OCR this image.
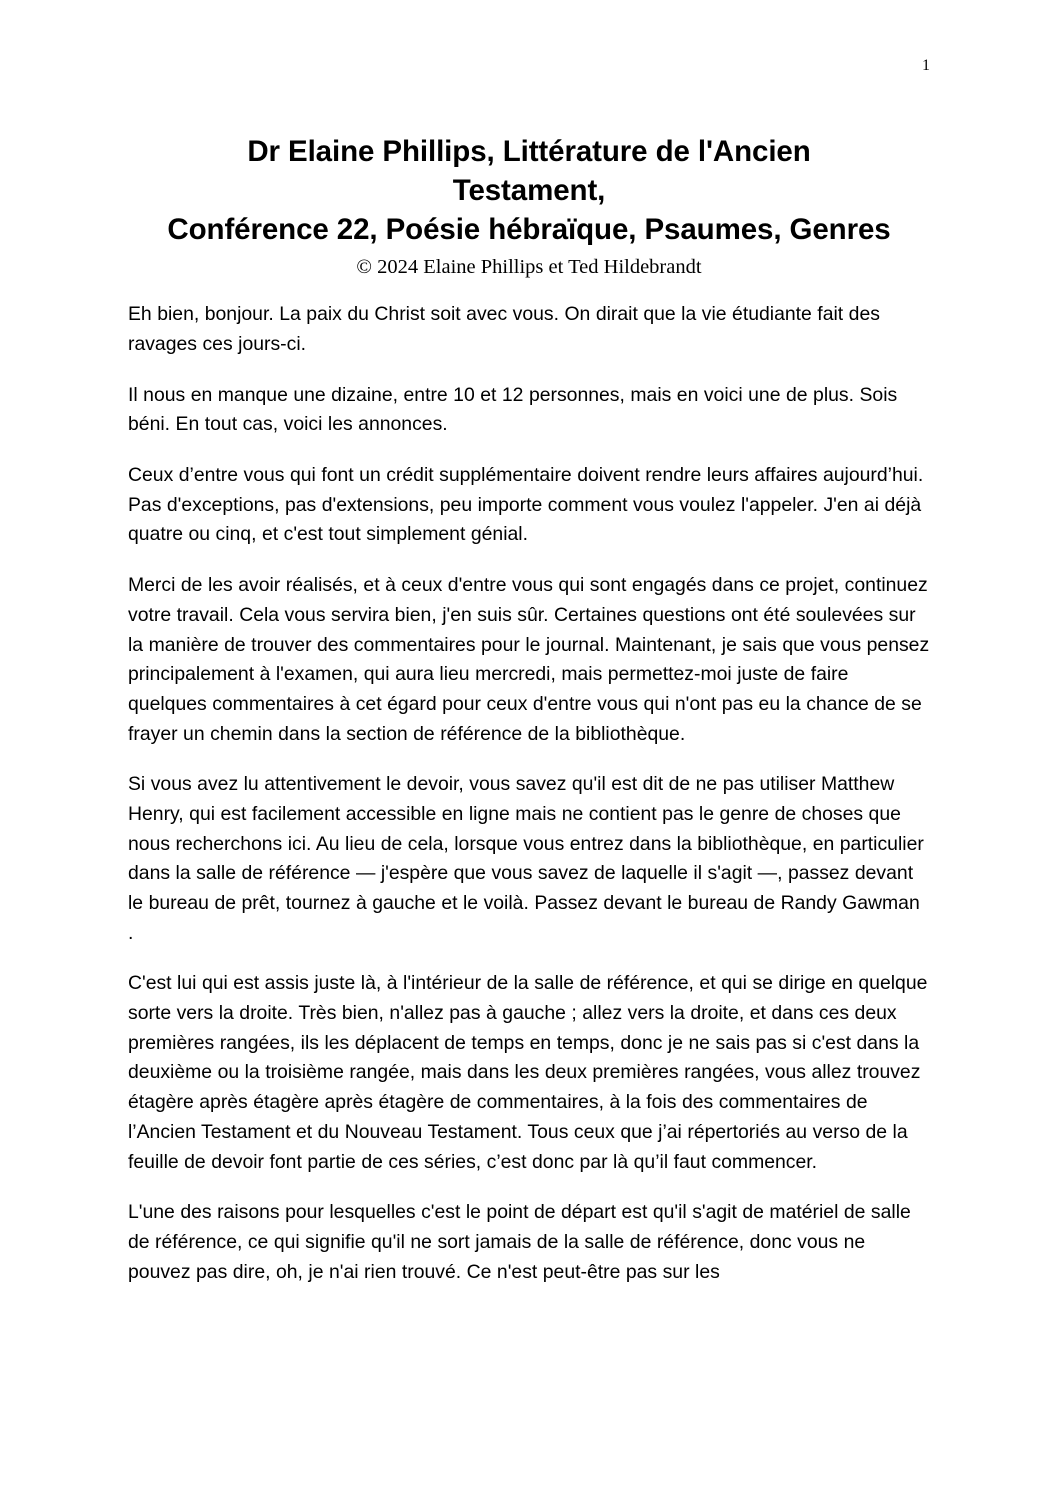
1
Dr Elaine Phillips, Littérature de l'Ancien
Testament,
Conférence 22, Poésie hébraïque, Psaumes, Genres

© 2024 Elaine Phillips et Ted Hildebrandt

Eh bien, bonjour. La paix du Christ soit avec vous. On dirait que la vie étudiante fait des ravages ces jours-ci.

Il nous en manque une dizaine, entre 10 et 12 personnes, mais en voici une de plus. Sois béni. En tout cas, voici les annonces.

Ceux d’entre vous qui font un crédit supplémentaire doivent rendre leurs affaires aujourd’hui. Pas d'exceptions, pas d'extensions, peu importe comment vous voulez l'appeler. J'en ai déjà quatre ou cinq, et c'est tout simplement génial.

Merci de les avoir réalisés, et à ceux d'entre vous qui sont engagés dans ce projet, continuez votre travail. Cela vous servira bien, j'en suis sûr. Certaines questions ont été soulevées sur la manière de trouver des commentaires pour le journal. Maintenant, je sais que vous pensez principalement à l'examen, qui aura lieu mercredi, mais permettez-moi juste de faire quelques commentaires à cet égard pour ceux d'entre vous qui n'ont pas eu la chance de se frayer un chemin dans la section de référence de la bibliothèque.

Si vous avez lu attentivement le devoir, vous savez qu'il est dit de ne pas utiliser Matthew Henry, qui est facilement accessible en ligne mais ne contient pas le genre de choses que nous recherchons ici. Au lieu de cela, lorsque vous entrez dans la bibliothèque, en particulier dans la salle de référence — j'espère que vous savez de laquelle il s'agit —, passez devant le bureau de prêt, tournez à gauche et le voilà. Passez devant le bureau de Randy Gawman .

C'est lui qui est assis juste là, à l'intérieur de la salle de référence, et qui se dirige en quelque sorte vers la droite. Très bien, n'allez pas à gauche ; allez vers la droite, et dans ces deux premières rangées, ils les déplacent de temps en temps, donc je ne sais pas si c'est dans la deuxième ou la troisième rangée, mais dans les deux premières rangées, vous allez trouvez étagère après étagère après étagère de commentaires, à la fois des commentaires de l’Ancien Testament et du Nouveau Testament. Tous ceux que j’ai répertoriés au verso de la feuille de devoir font partie de ces séries, c’est donc par là qu’il faut commencer.

L'une des raisons pour lesquelles c'est le point de départ est qu'il s'agit de matériel de salle de référence, ce qui signifie qu'il ne sort jamais de la salle de référence, donc vous ne pouvez pas dire, oh, je n'ai rien trouvé. Ce n'est peut-être pas sur les
